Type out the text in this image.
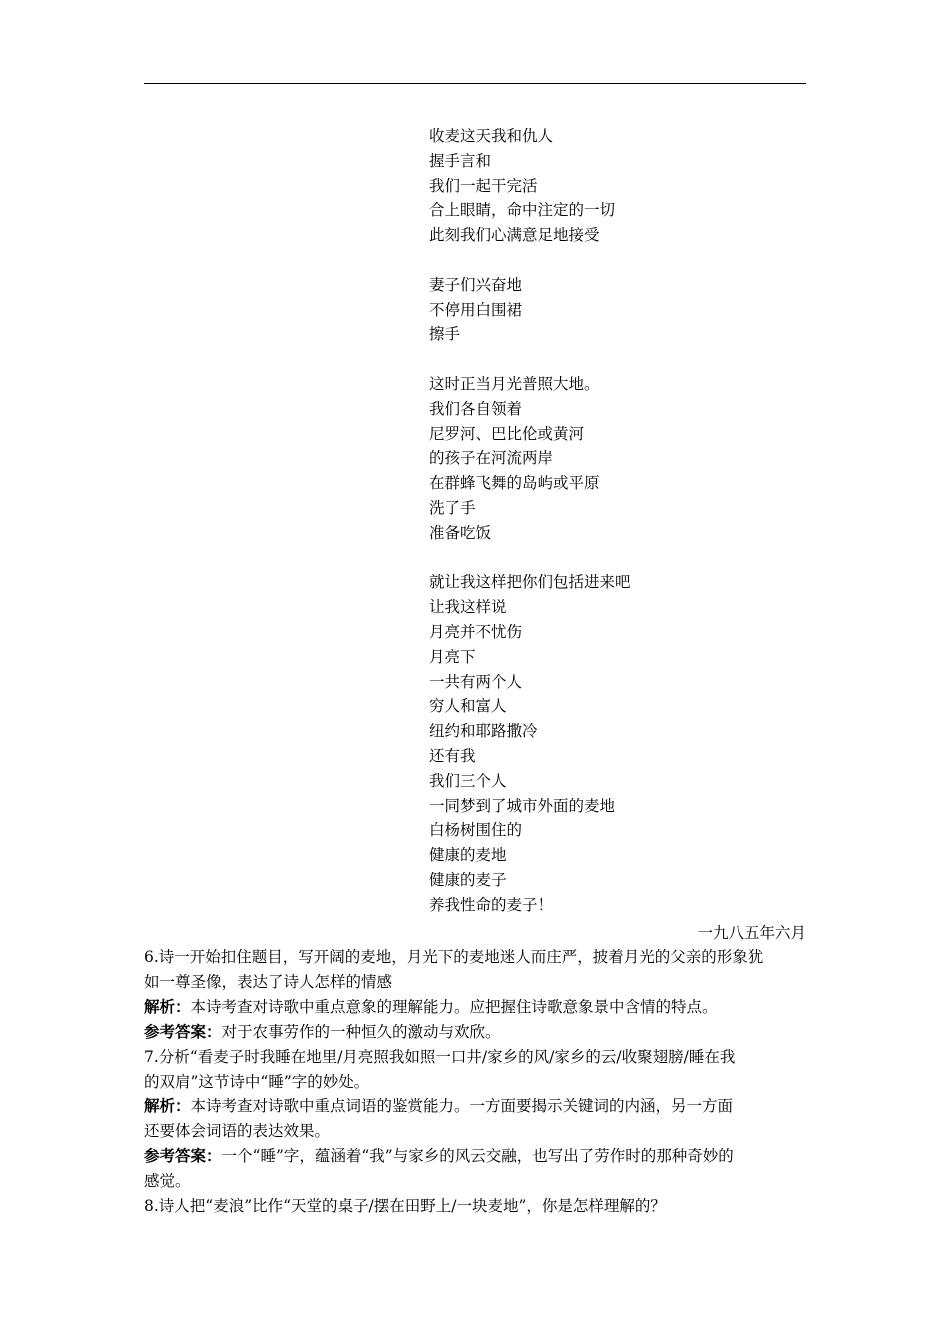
收麦这天我和仇人
握手言和
我们一起干完活
合上眼睛，命中注定的一切
此刻我们心满意足地接受
妻子们兴奋地
不停用白围裙
擦手
这时正当月光普照大地。
我们各自领着
尼罗河、巴比伦或黄河
的孩子在河流两岸
在群蜂飞舞的岛屿或平原
洗了手
准备吃饭
就让我这样把你们包括进来吧
让我这样说
月亮并不忧伤
月亮下
一共有两个人
穷人和富人
纽约和耶路撒冷
还有我
我们三个人
一同梦到了城市外面的麦地
白杨树围住的
健康的麦地
健康的麦子
养我性命的麦子！
一九八五年六月
6.诗一开始扣住题目，写开阔的麦地，月光下的麦地迷人而庄严，披着月光的父亲的形象犹
如一尊圣像，表达了诗人怎样的情感
解析：本诗考查对诗歌中重点意象的理解能力。应把握住诗歌意象景中含情的特点。
参考答案：对于农事劳作的一种恒久的激动与欢欣。
7.分析“看麦子时我睡在地里/月亮照我如照一口井/家乡的风/家乡的云/收聚翅膀/睡在我
的双肩”这节诗中“睡”字的妙处。
解析：本诗考查对诗歌中重点词语的鉴赏能力。一方面要揭示关键词的内涵，另一方面
还要体会词语的表达效果。
参考答案：一个“睡”字，蕴涵着“我”与家乡的风云交融，也写出了劳作时的那种奇妙的
感觉。
8.诗人把“麦浪”比作“天堂的桌子/摆在田野上/一块麦地”，你是怎样理解的？
